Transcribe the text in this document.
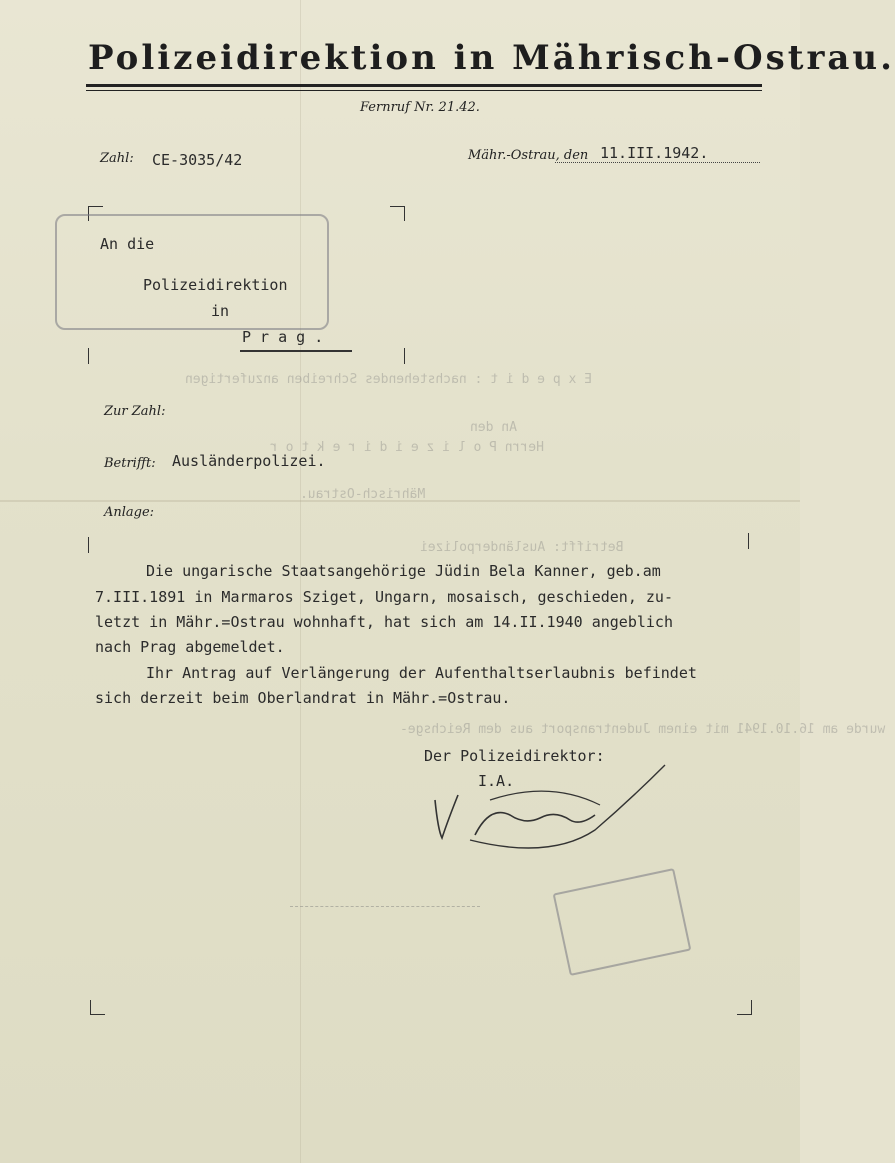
Polizeidirektion in Mährisch-Ostrau.
Fernruf Nr. 21.42.
Zahl: CE-3035/42	Mähr.-Ostrau, den 11.III.1942.
An die
Polizeidirektion
in
P r a g .
E x p e d i t : nachstehendes Schreiben anzufertigen
An den
Herrn P o l i z e i d i r e k t o r
Mährisch-Ostrau.
Betrifft: Ausländerpolizei
wurde am 16.10.1941 mit einem Judentransport aus dem Reichsge-
Zur Zahl:
Betrifft: Ausländerpolizei.
Anlage:
Die ungarische Staatsangehörige Jüdin Bela Kanner, geb.am
7.III.1891 in Marmaros Sziget, Ungarn, mosaisch, geschieden, zu-
letzt in Mähr.=Ostrau wohnhaft, hat sich am 14.II.1940 angeblich
nach Prag abgemeldet.
Ihr Antrag auf Verlängerung der Aufenthaltserlaubnis befindet
sich derzeit beim Oberlandrat in Mähr.=Ostrau.
Der Polizeidirektor:
I.A.
